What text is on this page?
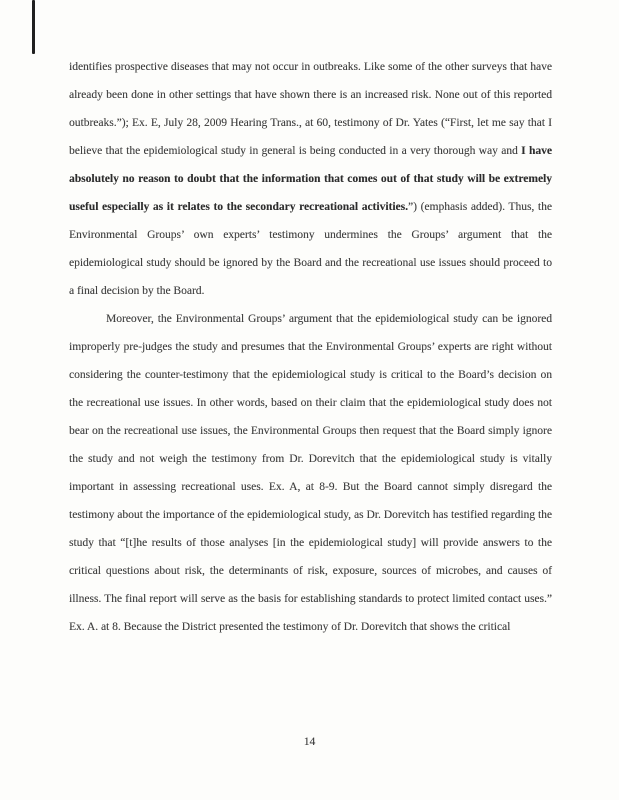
identifies prospective diseases that may not occur in outbreaks. Like some of the other surveys that have already been done in other settings that have shown there is an increased risk. None out of this reported outbreaks.”); Ex. E, July 28, 2009 Hearing Trans., at 60, testimony of Dr. Yates (“First, let me say that I believe that the epidemiological study in general is being conducted in a very thorough way and I have absolutely no reason to doubt that the information that comes out of that study will be extremely useful especially as it relates to the secondary recreational activities.”) (emphasis added). Thus, the Environmental Groups’ own experts’ testimony undermines the Groups’ argument that the epidemiological study should be ignored by the Board and the recreational use issues should proceed to a final decision by the Board.

Moreover, the Environmental Groups’ argument that the epidemiological study can be ignored improperly pre-judges the study and presumes that the Environmental Groups’ experts are right without considering the counter-testimony that the epidemiological study is critical to the Board’s decision on the recreational use issues. In other words, based on their claim that the epidemiological study does not bear on the recreational use issues, the Environmental Groups then request that the Board simply ignore the study and not weigh the testimony from Dr. Dorevitch that the epidemiological study is vitally important in assessing recreational uses. Ex. A, at 8-9. But the Board cannot simply disregard the testimony about the importance of the epidemiological study, as Dr. Dorevitch has testified regarding the study that “[t]he results of those analyses [in the epidemiological study] will provide answers to the critical questions about risk, the determinants of risk, exposure, sources of microbes, and causes of illness. The final report will serve as the basis for establishing standards to protect limited contact uses.” Ex. A. at 8. Because the District presented the testimony of Dr. Dorevitch that shows the critical

14
